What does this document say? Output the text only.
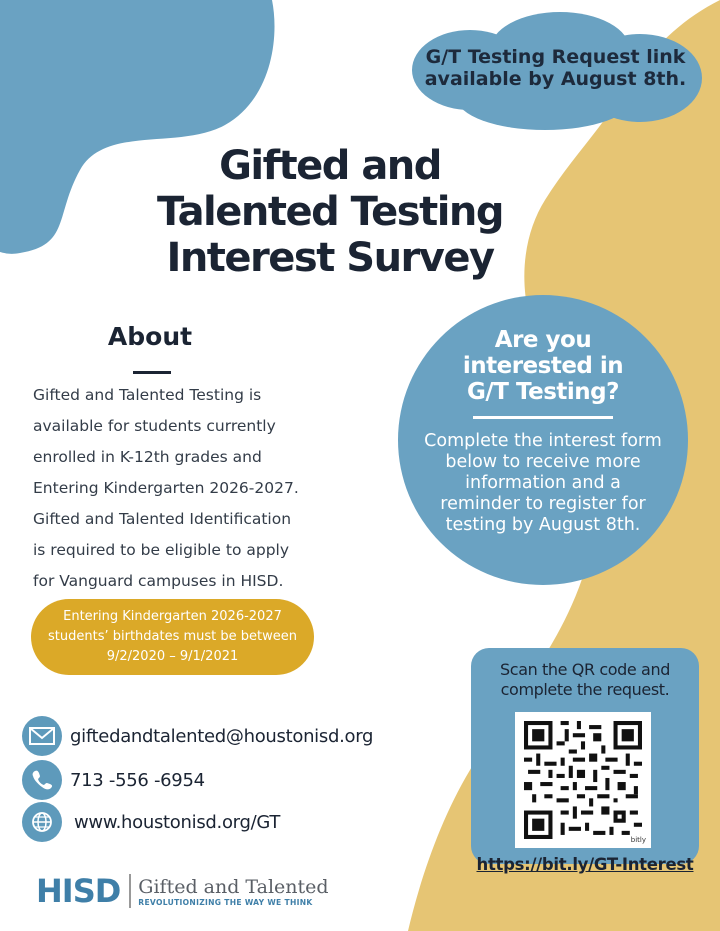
G/T Testing Request link
available by August 8th.
Gifted and
Talented Testing
Interest Survey
About
Gifted and Talented Testing is
available for students currently
enrolled in K-12th grades and
Entering Kindergarten 2026-2027.
Gifted and Talented Identification
is required to be eligible to apply
for Vanguard campuses in HISD.
Entering Kindergarten 2026-2027
students’ birthdates must be between
9/2/2020 – 9/1/2021
Are you
interested in
G/T Testing?
Complete the interest form
below to receive more
information and a
reminder to register for
testing by August 8th.
giftedandtalented@houstonisd.org
713 -556 -6954
www.houstonisd.org/GT
Scan the QR code and
complete the request.
bitly
https://bit.ly/GT-Interest
HISD Gifted and Talented
REVOLUTIONIZING THE WAY WE THINK
